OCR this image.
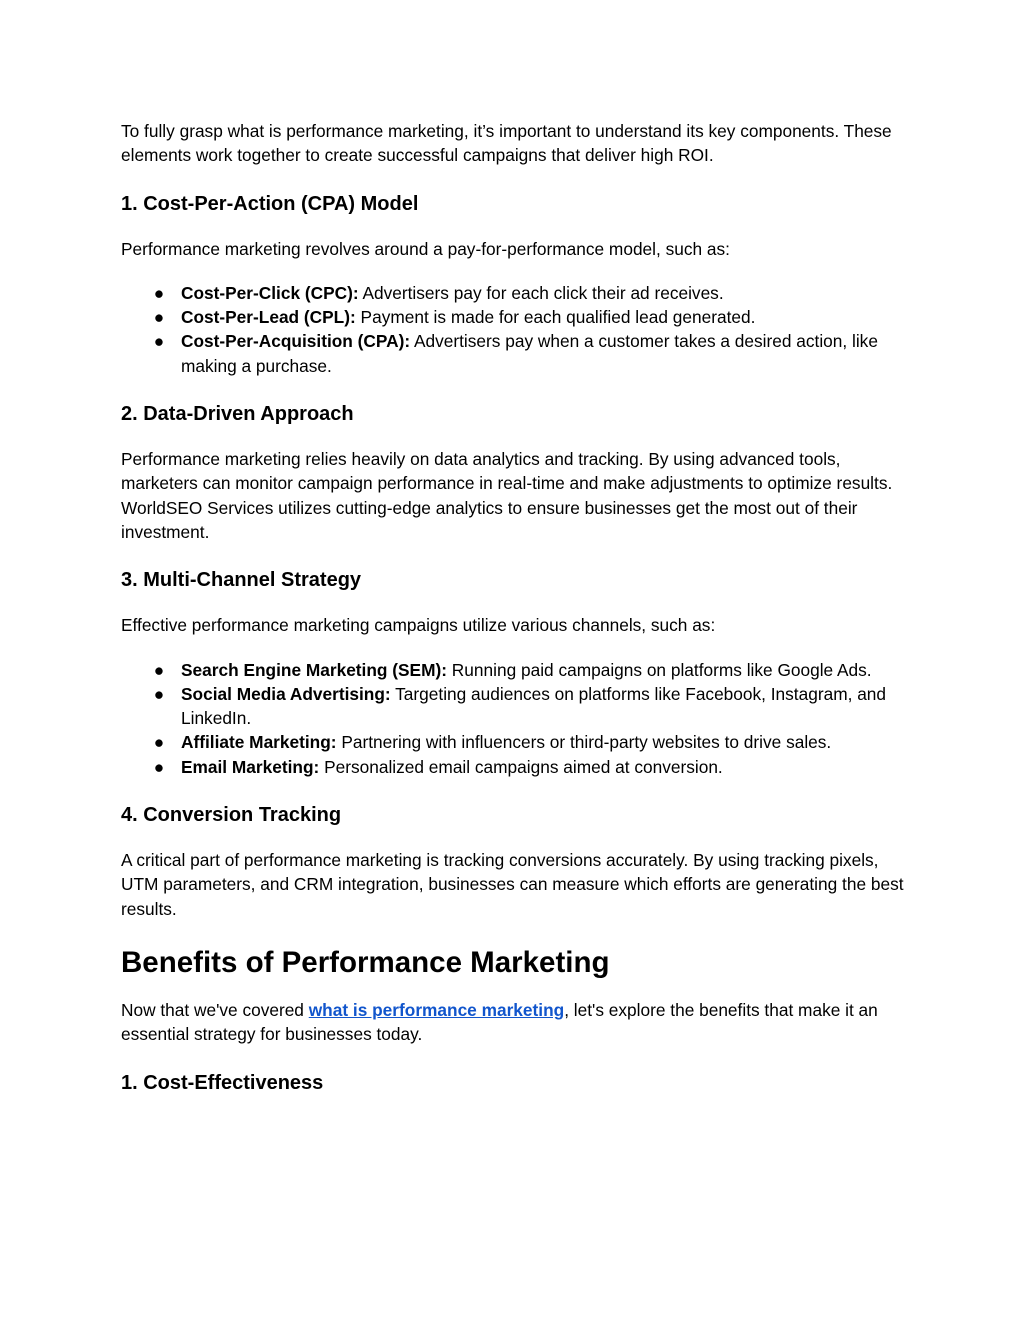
To fully grasp what is performance marketing, it’s important to understand its key components. These elements work together to create successful campaigns that deliver high ROI.

1. Cost-Per-Action (CPA) Model

Performance marketing revolves around a pay-for-performance model, such as:

● Cost-Per-Click (CPC): Advertisers pay for each click their ad receives.
● Cost-Per-Lead (CPL): Payment is made for each qualified lead generated.
● Cost-Per-Acquisition (CPA): Advertisers pay when a customer takes a desired action, like making a purchase.
2. Data-Driven Approach

Performance marketing relies heavily on data analytics and tracking. By using advanced tools, marketers can monitor campaign performance in real-time and make adjustments to optimize results. WorldSEO Services utilizes cutting-edge analytics to ensure businesses get the most out of their investment.

3. Multi-Channel Strategy

Effective performance marketing campaigns utilize various channels, such as:

● Search Engine Marketing (SEM): Running paid campaigns on platforms like Google Ads.
● Social Media Advertising: Targeting audiences on platforms like Facebook, Instagram, and LinkedIn.
● Affiliate Marketing: Partnering with influencers or third-party websites to drive sales.
● Email Marketing: Personalized email campaigns aimed at conversion.
4. Conversion Tracking

A critical part of performance marketing is tracking conversions accurately. By using tracking pixels, UTM parameters, and CRM integration, businesses can measure which efforts are generating the best results.

Benefits of Performance Marketing

Now that we've covered what is performance marketing, let's explore the benefits that make it an essential strategy for businesses today.

1. Cost-Effectiveness
